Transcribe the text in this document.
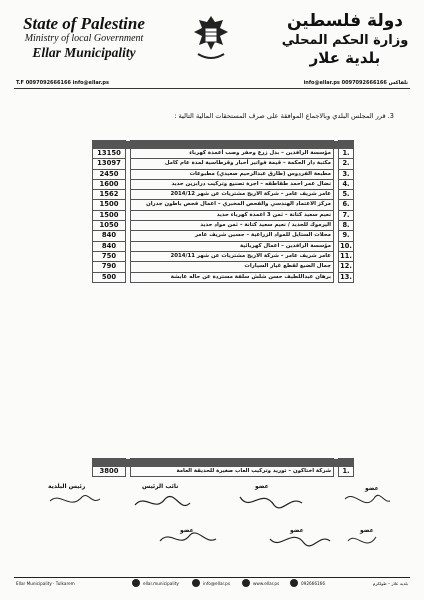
State of Palestine
Ministry of local Government
Ellar Municipality
دولة فلسطين
وزارة الحكم المحلي
بلدية علار
T.F 0097092666166 info@ellar.ps	تلفاكس 0097092666166 info@ellar.ps
3. قرر المجلس البلدي وبالاجماع الموافقة على صرف المستحقات المالية التالية :

13150		مؤسسة الرافدين – بدل زرع وحفر وصب أعمدة كهرباء		1.
13097		مكتبة دار الحكمة – قيمة فواتير أحبار وقرطاسية لمدة عام كامل		2.
2450		مطبعة الفردوس (طارق عبدالرحيم صعيدي) مطبوعات		3.
1600		نضال عمر احمد طقاطقه – اجرة تصنيع وتركيب درابزين حديد		4.
1562		عامر شريف عامر – شركة الاريج مشتريات عن شهر 2014/12		5.
1500		مركز الاعتماد الهندسي والفحص المخبري – اعمال فحص باطون جدران		6.
1500		نعيم سعيد كتانة – ثمن 3 اعمدة كهرباء حديد		7.
1050		اليرموك للحديد / نعيم سعيد كتانة – ثمن مواد حديد		8.
840		محلات الستايل للمواد الزراعية – حسين شريف عامر		9.
840		مؤسسة الرافدين – اعمال كهربائية		10.
750		عامر شريف عامر – شركة الاريج مشتريات عن شهر 2014/11		11.
790		جمال الضبع لقطع غيار السيارات		12.
500		برهان عبداللطيف حسن شلش سلفة مستردة عن حاله عابشة		13.

3800		شركة اختاكون – توريد وتركيب العاب صغيرة للحديقة العامة		1.
رئيس البلدية	نائب الرئيس	عضو	عضو
عضو	عضو	عضو
Ellar Municipality · Tulkarem	ellar.municipality	info@ellar.ps	www.ellar.ps	092666166	بلدية علار – طولكرم
